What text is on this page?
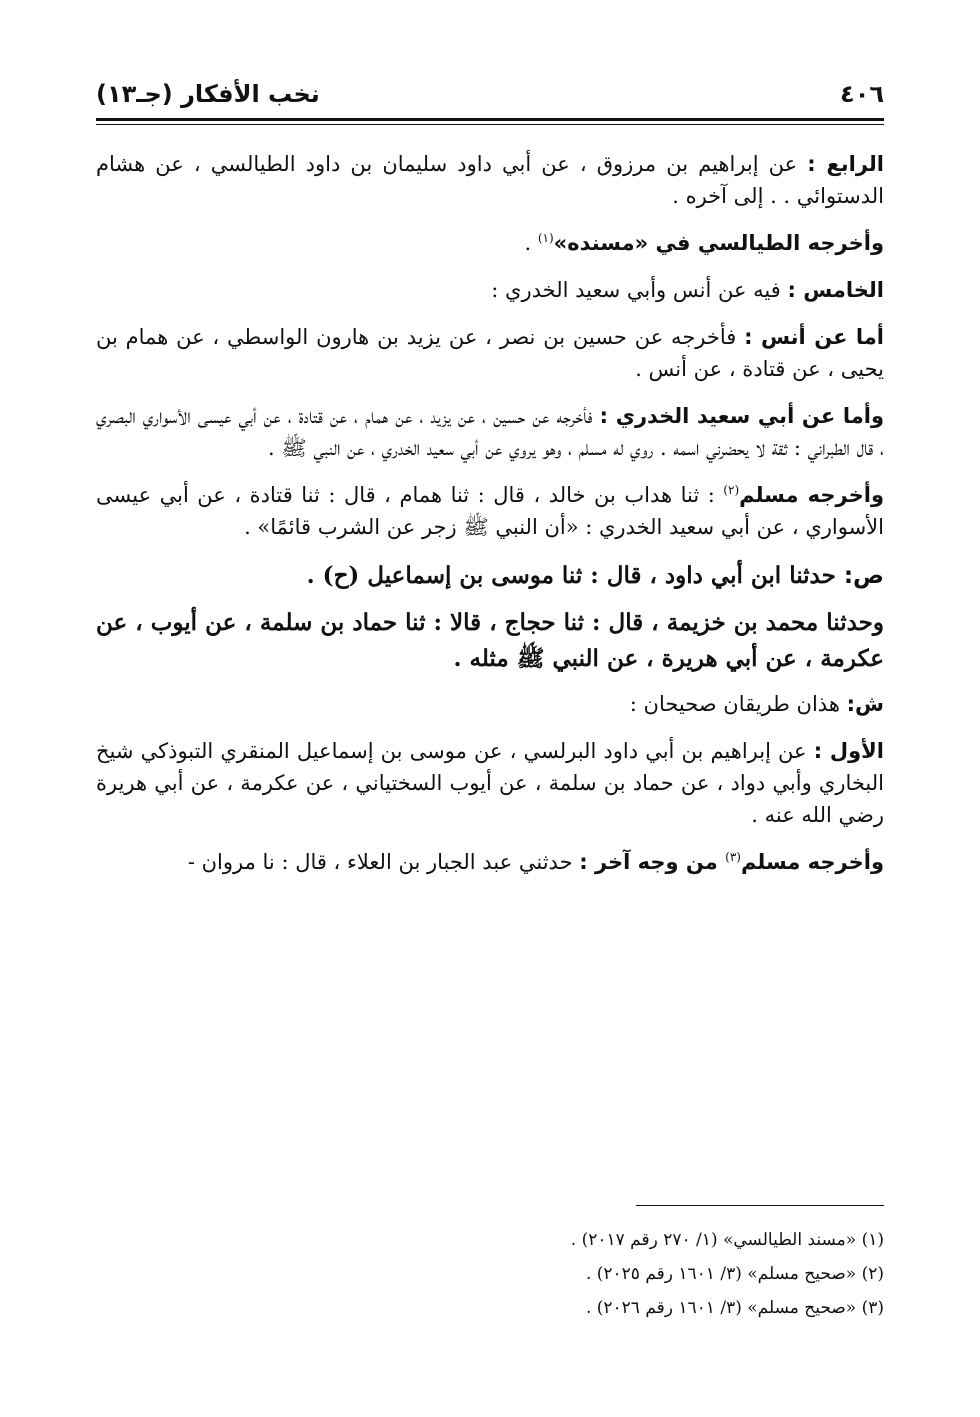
٤٠٦
نخب الأفكار (جـ١٣)

الرابع : عن إبراهيم بن مرزوق ، عن أبي داود سليمان بن داود الطيالسي ، عن هشام الدستوائي . . إلى آخره .

وأخرجه الطيالسي في «مسنده»$^{(١)}$ .

الخامس : فيه عن أنس وأبي سعيد الخدري :

أما عن أنس : فأخرجه عن حسين بن نصر ، عن يزيد بن هارون الواسطي ، عن همام بن يحيى ، عن قتادة ، عن أنس .

وأما عن أبي سعيد الخدري : فأخرجه عن حسين ، عن يزيد ، عن همام ، عن قتادة ، عن أبي عيسى الأسواري البصري ، قال الطبراني : ثقة لا يحضرني اسمه . روي له مسلم ، وهو يروي عن أبي سعيد الخدري ، عن النبي ﷺ .

وأخرجه مسلم$^{(٢)}$ : ثنا هداب بن خالد ، قال : ثنا همام ، قال : ثنا قتادة ، عن أبي عيسى الأسواري ، عن أبي سعيد الخدري : «أن النبي ﷺ زجر عن الشرب قائمًا» .

ص: حدثنا ابن أبي داود ، قال : ثنا موسى بن إسماعيل (ح) .

وحدثنا محمد بن خزيمة ، قال : ثنا حجاج ، قالا : ثنا حماد بن سلمة ، عن أيوب ، عن عكرمة ، عن أبي هريرة ، عن النبي ﷺ مثله .

ش: هذان طريقان صحيحان :

الأول : عن إبراهيم بن أبي داود البرلسي ، عن موسى بن إسماعيل المنقري التبوذكي شيخ البخاري وأبي دواد ، عن حماد بن سلمة ، عن أيوب السختياني ، عن عكرمة ، عن أبي هريرة رضي الله عنه .

وأخرجه مسلم$^{(٣)}$ من وجه آخر : حدثني عبد الجبار بن العلاء ، قال : نا مروان -

(١) «مسند الطيالسي» (١/ ٢٧٠ رقم ٢٠١٧) .
(٢) «صحيح مسلم» (٣/ ١٦٠١ رقم ٢٠٢٥) .
(٣) «صحيح مسلم» (٣/ ١٦٠١ رقم ٢٠٢٦) .
